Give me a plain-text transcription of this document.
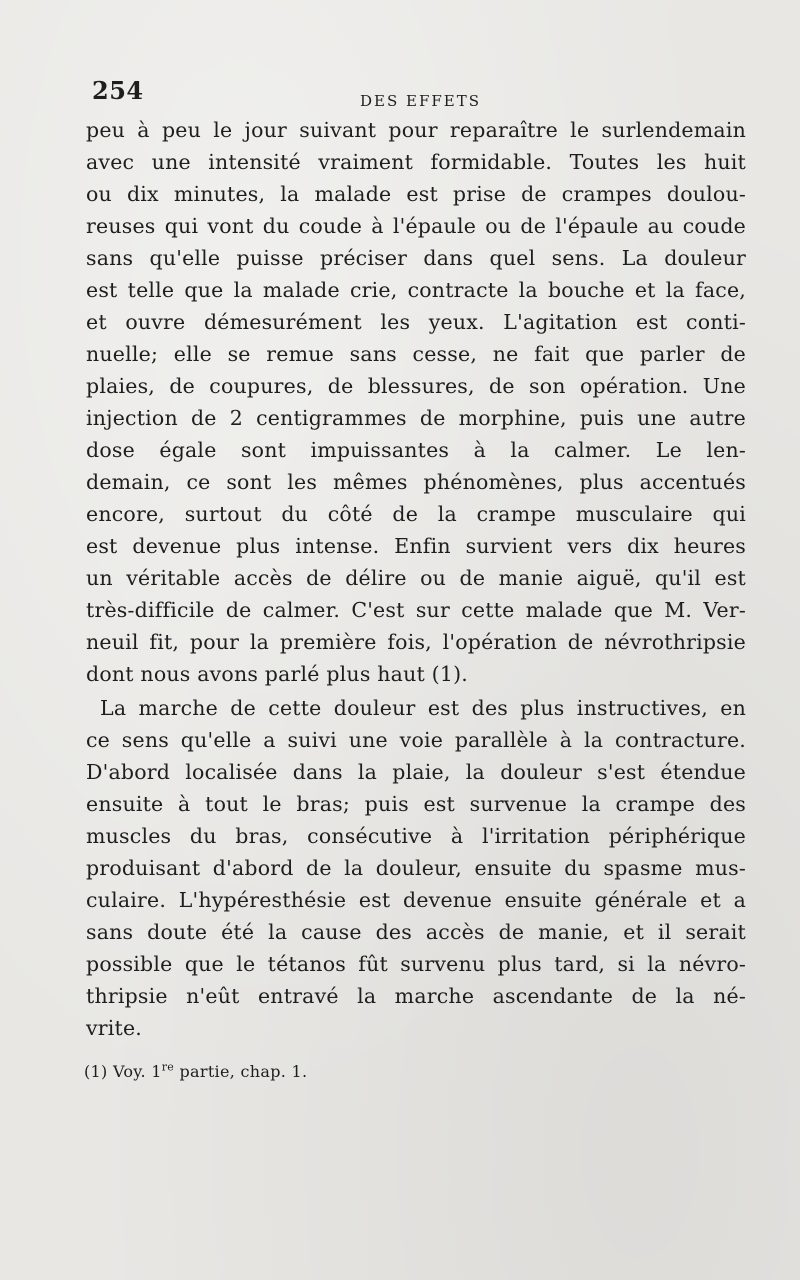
254	DES EFFETS
peu à peu le jour suivant pour reparaître le surlendemain
avec une intensité vraiment formidable. Toutes les huit
ou dix minutes, la malade est prise de crampes doulou-
reuses qui vont du coude à l'épaule ou de l'épaule au coude
sans qu'elle puisse préciser dans quel sens. La douleur
est telle que la malade crie, contracte la bouche et la face,
et ouvre démesurément les yeux. L'agitation est conti-
nuelle; elle se remue sans cesse, ne fait que parler de
plaies, de coupures, de blessures, de son opération. Une
injection de 2 centigrammes de morphine, puis une autre
dose égale sont impuissantes à la calmer. Le len-
demain, ce sont les mêmes phénomènes, plus accentués
encore, surtout du côté de la crampe musculaire qui
est devenue plus intense. Enfin survient vers dix heures
un véritable accès de délire ou de manie aiguë, qu'il est
très-difficile de calmer. C'est sur cette malade que M. Ver-
neuil fit, pour la première fois, l'opération de névrothripsie
dont nous avons parlé plus haut (1).
La marche de cette douleur est des plus instructives, en
ce sens qu'elle a suivi une voie parallèle à la contracture.
D'abord localisée dans la plaie, la douleur s'est étendue
ensuite à tout le bras; puis est survenue la crampe des
muscles du bras, consécutive à l'irritation périphérique
produisant d'abord de la douleur, ensuite du spasme mus-
culaire. L'hypéresthésie est devenue ensuite générale et a
sans doute été la cause des accès de manie, et il serait
possible que le tétanos fût survenu plus tard, si la névro-
thripsie n'eût entravé la marche ascendante de la né-
vrite.
(1) Voy. 1re partie, chap. 1.
